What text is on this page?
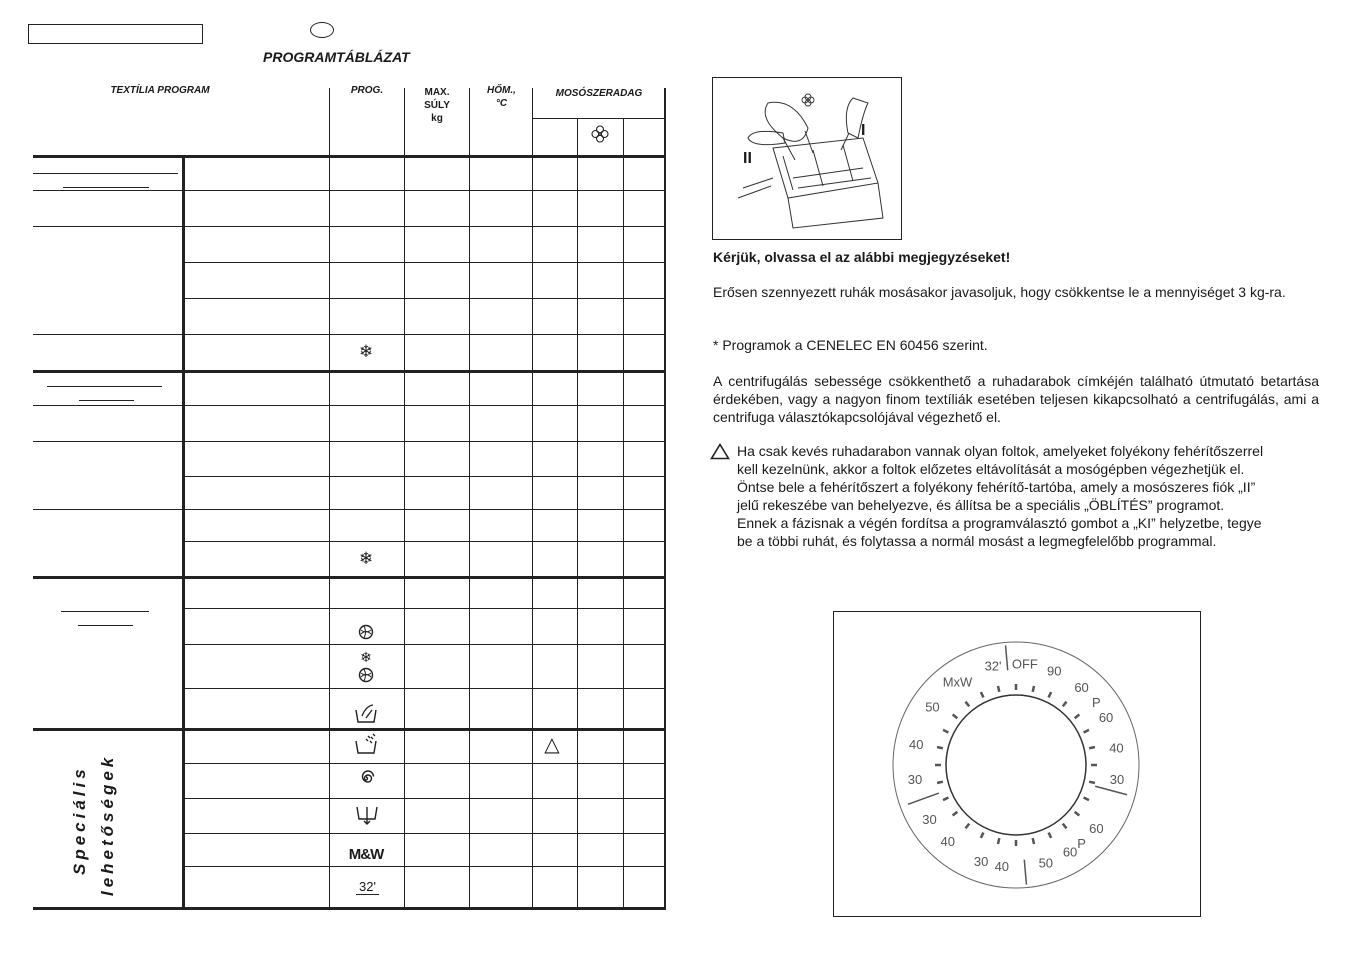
PROGRAMTÁBLÁZAT
TEXTÍLIA PROGRAM	PROG.	MAX.
SÚLY
kg
HŐM.,
°C
MOSÓSZERADAG
Speciális lehetőségek
❄
❄
❄
M&W
32'
△
I
II
Kérjük, olvassa el az alábbi megjegyzéseket!
Erősen szennyezett ruhák mosásakor javasoljuk, hogy csökkentse le a mennyiséget 3 kg-ra.
* Programok a CENELEC EN 60456 szerint.
A centrifugálás sebessége csökkenthető a ruhadarabok címkéjén található útmutató betartása érdekében, vagy a nagyon finom textíliák esetében teljesen kikapcsolható a centrifugálás, ami a centrifuga választókapcsolójával végezhető el.
Ha csak kevés ruhadarabon vannak olyan foltok, amelyeket folyékony fehérítőszerrel
kell kezelnünk, akkor a foltok előzetes eltávolítását a mosógépben végezhetjük el.
Öntse bele a fehérítőszert a folyékony fehérítő-tartóba, amely a mosószeres fiók „II”
jelű rekeszébe van behelyezve, és állítsa be a speciális „ÖBLÍTÉS” programot.
Ennek a fázisnak a végén fordítsa a programválasztó gombot a „KI” helyzetbe, tegye
be a többi ruhát, és folytassa a normál mosást a legmegfelelőbb programmal.
OFF 90
60
P
60
40
30
60
P
60
50
40
30
40
30
30
40
50
MxW
32'
